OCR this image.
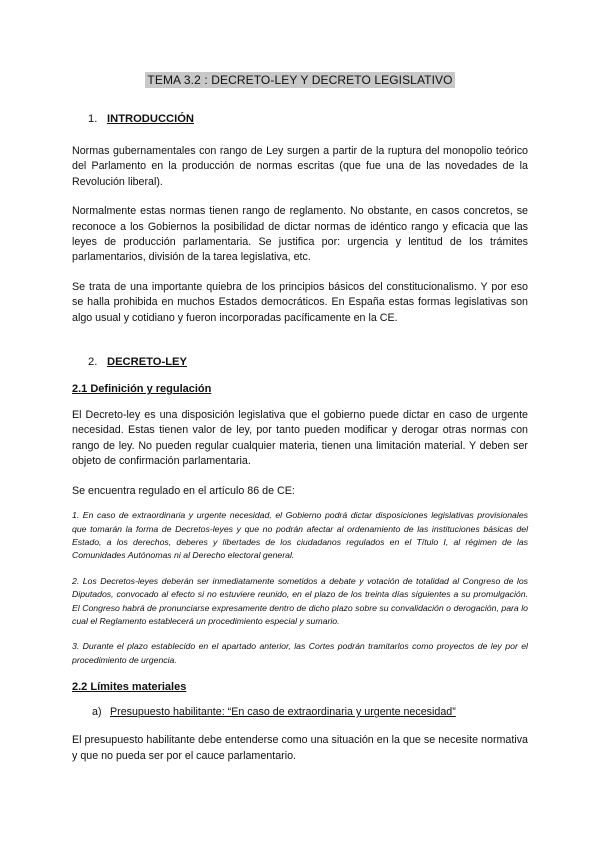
TEMA 3.2 : DECRETO-LEY Y DECRETO LEGISLATIVO
1. INTRODUCCIÓN

Normas gubernamentales con rango de Ley surgen a partir de la ruptura del monopolio teórico del Parlamento en la producción de normas escritas (que fue una de las novedades de la Revolución liberal).

Normalmente estas normas tienen rango de reglamento. No obstante, en casos concretos, se reconoce a los Gobiernos la posibilidad de dictar normas de idéntico rango y eficacia que las leyes de producción parlamentaria. Se justifica por: urgencia y lentitud de los trámites parlamentarios, división de la tarea legislativa, etc.

Se trata de una importante quiebra de los principios básicos del constitucionalismo. Y por eso se halla prohibida en muchos Estados democráticos. En España estas formas legislativas son algo usual y cotidiano y fueron incorporadas pacíficamente en la CE.

2. DECRETO-LEY
2.1 Definición y regulación

El Decreto-ley es una disposición legislativa que el gobierno puede dictar en caso de urgente necesidad. Estas tienen valor de ley, por tanto pueden modificar y derogar otras normas con rango de ley. No pueden regular cualquier materia, tienen una limitación material. Y deben ser objeto de confirmación parlamentaria.

Se encuentra regulado en el artículo 86 de CE:

1. En caso de extraordinaria y urgente necesidad, el Gobierno podrá dictar disposiciones legislativas provisionales que tomarán la forma de Decretos-leyes y que no podrán afectar al ordenamiento de las instituciones básicas del Estado, a los derechos, deberes y libertades de los ciudadanos regulados en el Título I, al régimen de las Comunidades Autónomas ni al Derecho electoral general.
2. Los Decretos-leyes deberán ser inmediatamente sometidos a debate y votación de totalidad al Congreso de los Diputados, convocado al efecto si no estuviere reunido, en el plazo de los treinta días siguientes a su promulgación. El Congreso habrá de pronunciarse expresamente dentro de dicho plazo sobre su convalidación o derogación, para lo cual el Reglamento establecerá un procedimiento especial y sumario.
3. Durante el plazo establecido en el apartado anterior, las Cortes podrán tramitarlos como proyectos de ley por el procedimiento de urgencia.
2.2 Límites materiales
a) Presupuesto habilitante: “En caso de extraordinaria y urgente necesidad”

El presupuesto habilitante debe entenderse como una situación en la que se necesite normativa y que no pueda ser por el cauce parlamentario.
